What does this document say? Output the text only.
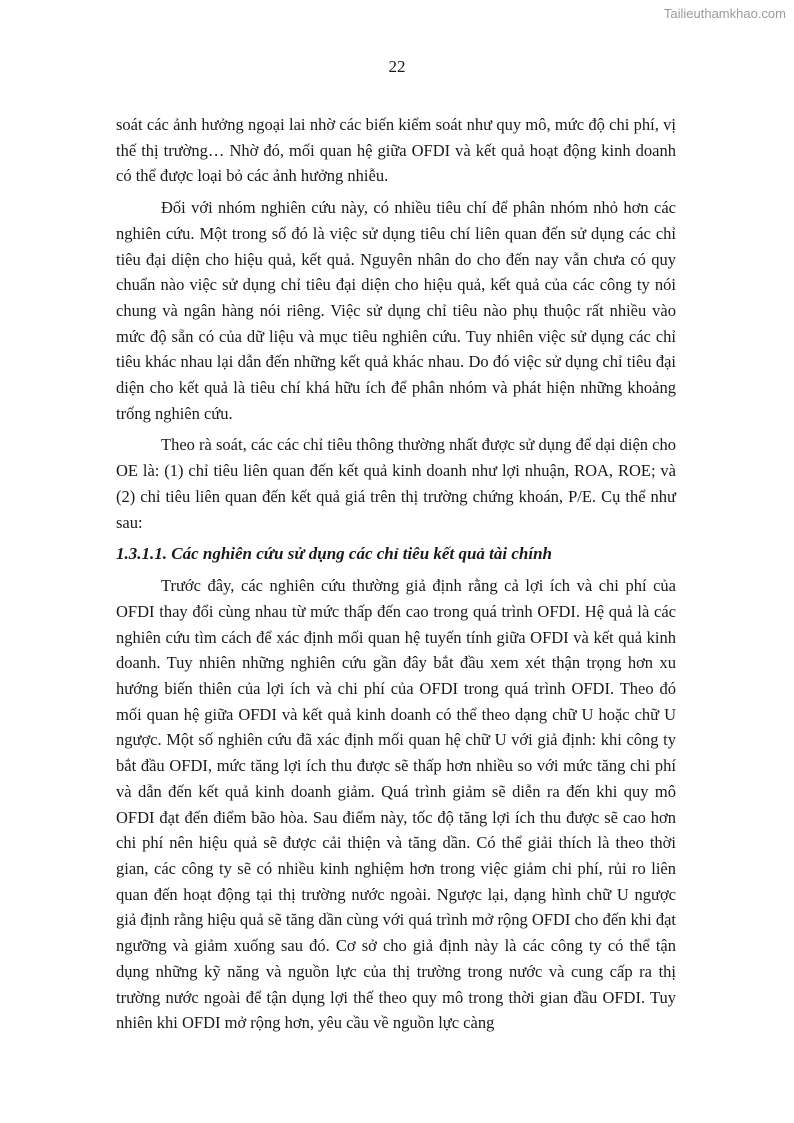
Tailieuthamkhao.com
22

soát các ảnh hưởng ngoại lai nhờ các biến kiểm soát như quy mô, mức độ chi phí, vị thế thị trường… Nhờ đó, mối quan hệ giữa OFDI và kết quả hoạt động kinh doanh có thể được loại bỏ các ảnh hưởng nhiễu.

Đối với nhóm nghiên cứu này, có nhiều tiêu chí để phân nhóm nhỏ hơn các nghiên cứu. Một trong số đó là việc sử dụng tiêu chí liên quan đến sử dụng các chỉ tiêu đại diện cho hiệu quả, kết quả. Nguyên nhân do cho đến nay vẫn chưa có quy chuẩn nào việc sử dụng chỉ tiêu đại diện cho hiệu quả, kết quả của các công ty nói chung và ngân hàng nói riêng. Việc sử dụng chỉ tiêu nào phụ thuộc rất nhiều vào mức độ sẵn có của dữ liệu và mục tiêu nghiên cứu. Tuy nhiên việc sử dụng các chỉ tiêu khác nhau lại dẫn đến những kết quả khác nhau. Do đó việc sử dụng chỉ tiêu đại diện cho kết quả là tiêu chí khá hữu ích để phân nhóm và phát hiện những khoảng trống nghiên cứu.

Theo rà soát, các các chỉ tiêu thông thường nhất được sử dụng để dại diện cho OE là: (1) chỉ tiêu liên quan đến kết quả kinh doanh như lợi nhuận, ROA, ROE; và (2) chỉ tiêu liên quan đến kết quả giá trên thị trường chứng khoán, P/E. Cụ thể như sau:

1.3.1.1. Các nghiên cứu sử dụng các chỉ tiêu kết quả tài chính

Trước đây, các nghiên cứu thường giả định rằng cả lợi ích và chi phí của OFDI thay đổi cùng nhau từ mức thấp đến cao trong quá trình OFDI. Hệ quả là các nghiên cứu tìm cách để xác định mối quan hệ tuyến tính giữa OFDI và kết quả kinh doanh. Tuy nhiên những nghiên cứu gần đây bắt đầu xem xét thận trọng hơn xu hướng biến thiên của lợi ích và chi phí của OFDI trong quá trình OFDI. Theo đó mối quan hệ giữa OFDI và kết quả kinh doanh có thể theo dạng chữ U hoặc chữ U ngược. Một số nghiên cứu đã xác định mối quan hệ chữ U với giả định: khi công ty bắt đầu OFDI, mức tăng lợi ích thu được sẽ thấp hơn nhiều so với mức tăng chi phí và dẫn đến kết quả kinh doanh giảm. Quá trình giảm sẽ diễn ra đến khi quy mô OFDI đạt đến điểm bão hòa. Sau điểm này, tốc độ tăng lợi ích thu được sẽ cao hơn chi phí nên hiệu quả sẽ được cải thiện và tăng dần. Có thể giải thích là theo thời gian, các công ty sẽ có nhiều kinh nghiệm hơn trong việc giảm chi phí, rủi ro liên quan đến hoạt động tại thị trường nước ngoài. Ngược lại, dạng hình chữ U ngược giả định rằng hiệu quả sẽ tăng dần cùng với quá trình mở rộng OFDI cho đến khi đạt ngưỡng và giảm xuống sau đó. Cơ sở cho giả định này là các công ty có thể tận dụng những kỹ năng và nguồn lực của thị trường trong nước và cung cấp ra thị trường nước ngoài để tận dụng lợi thế theo quy mô trong thời gian đầu OFDI. Tuy nhiên khi OFDI mở rộng hơn, yêu cầu về nguồn lực càng
